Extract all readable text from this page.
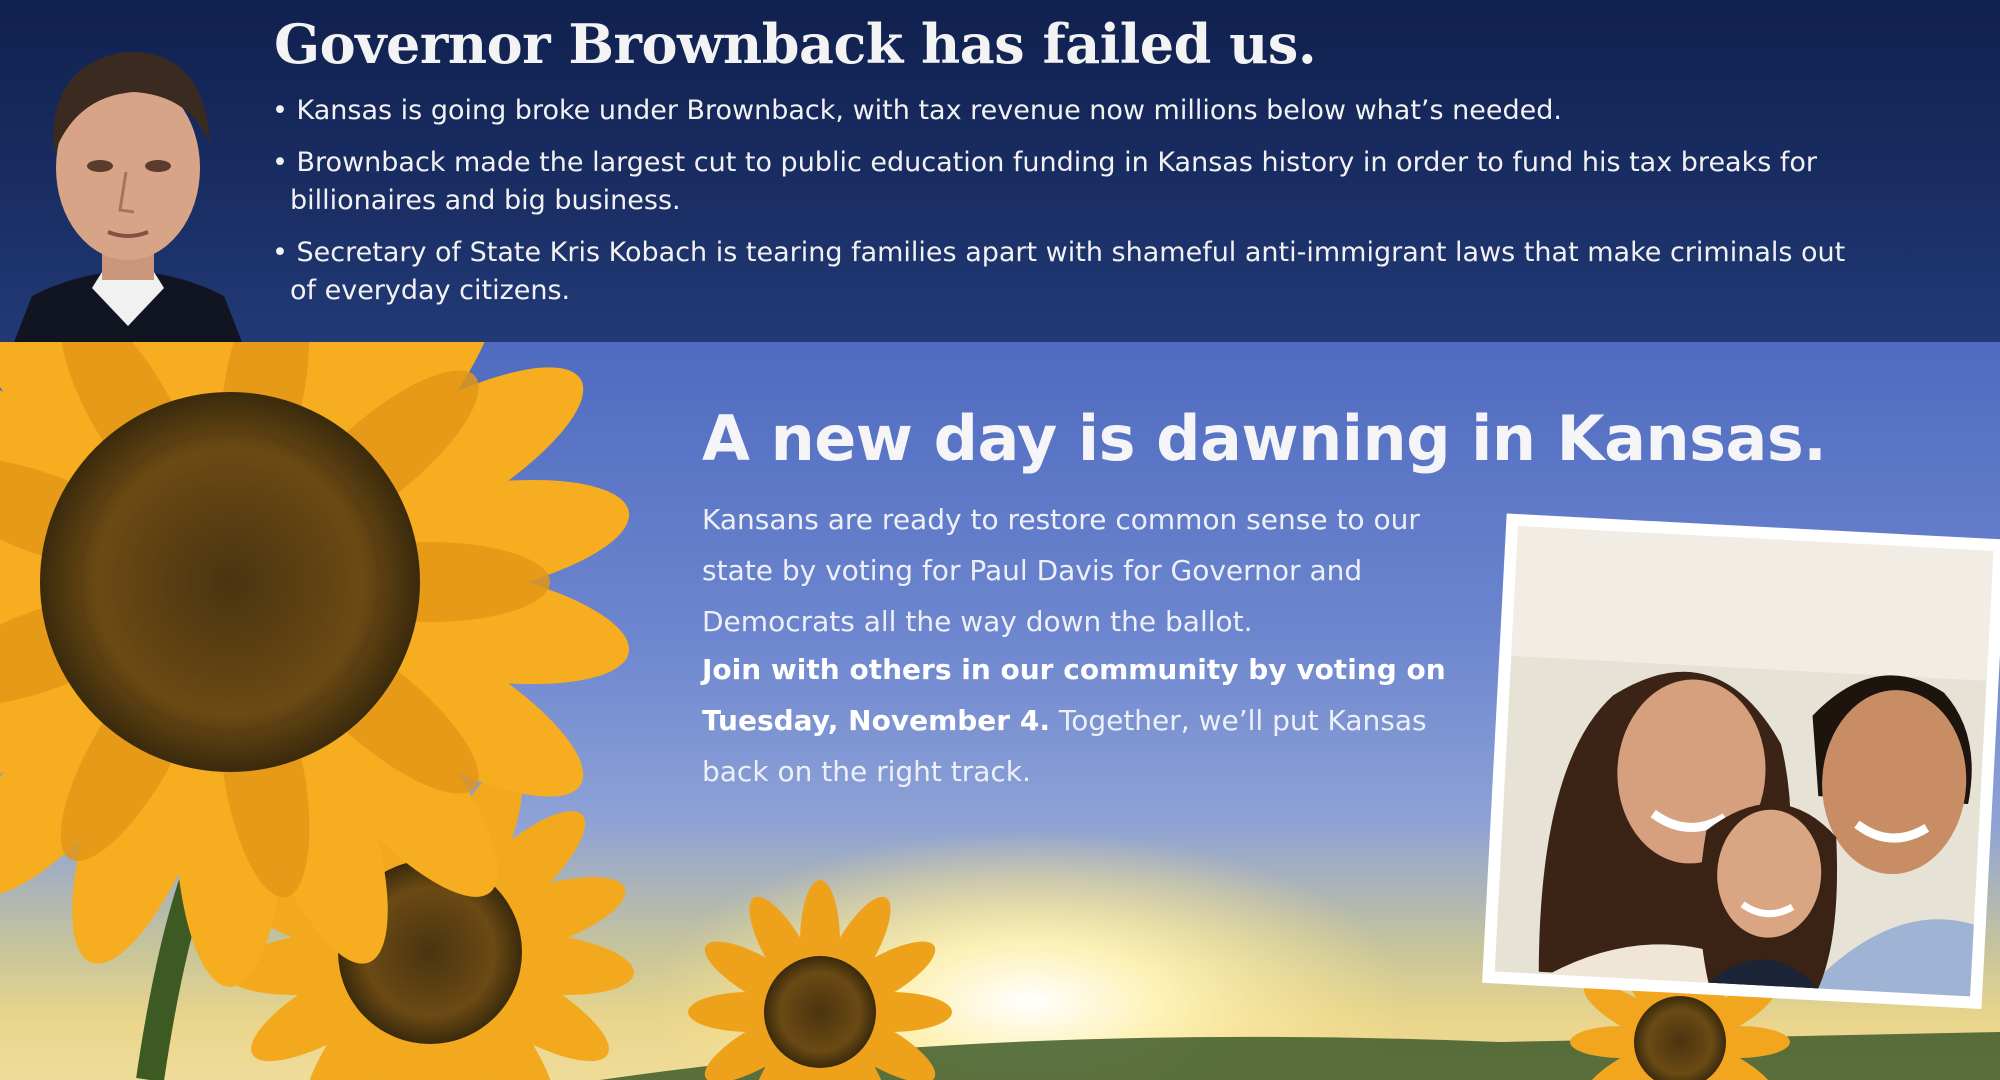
Governor Brownback has failed us.
• Kansas is going broke under Brownback, with tax revenue now millions below what’s needed.
• Brownback made the largest cut to public education funding in Kansas history in order to fund his tax breaks for billionaires and big business.
• Secretary of State Kris Kobach is tearing families apart with shameful anti-immigrant laws that make criminals out of everyday citizens.
A new day is dawning in Kansas.

Kansans are ready to restore common sense to our state by voting for Paul Davis for Governor and Democrats all the way down the ballot.

Join with others in our community by voting on Tuesday, November 4. Together, we’ll put Kansas back on the right track.
